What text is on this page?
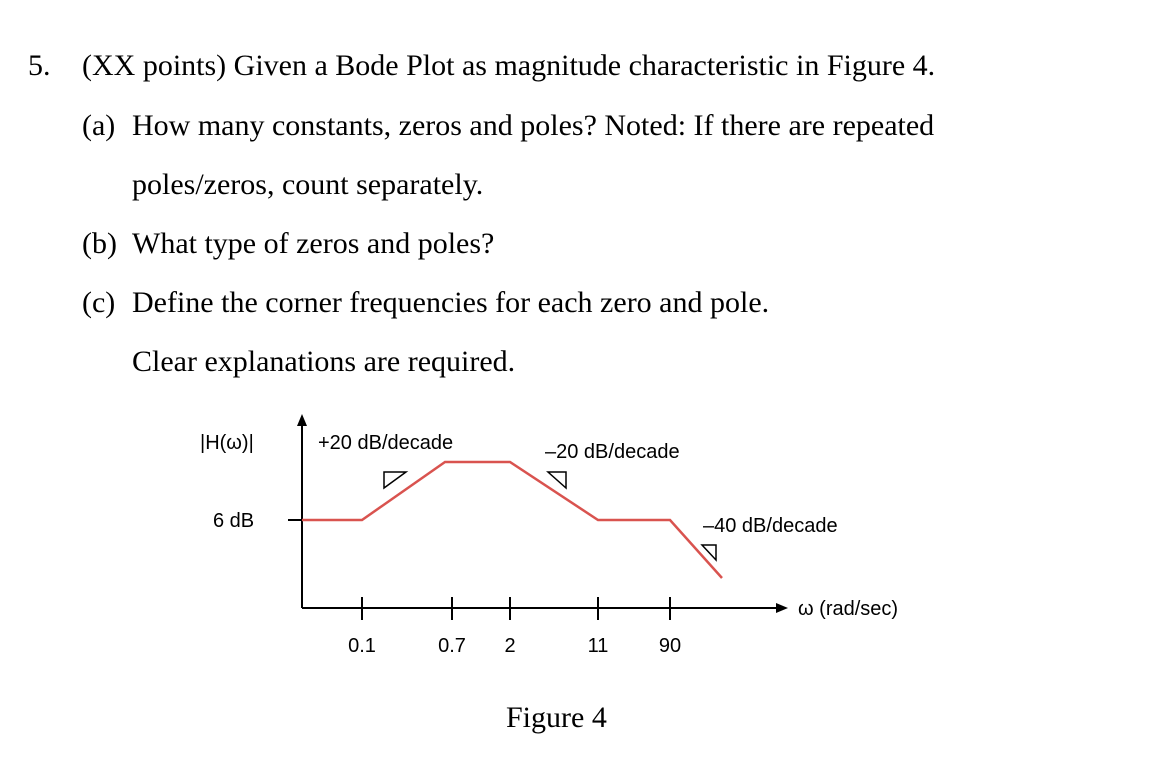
5. (XX points) Given a Bode Plot as magnitude characteristic in Figure 4.
(a) How many constants, zeros and poles? Noted: If there are repeated
poles/zeros, count separately.
(b) What type of zeros and poles?
(c) Define the corner frequencies for each zero and pole.
Clear explanations are required.
|H(ω)|
6 dB
ω (rad/sec)
+20 dB/decade	–20 dB/decade
–40 dB/decade
0.1	0.7 2	11	90
Figure 4
